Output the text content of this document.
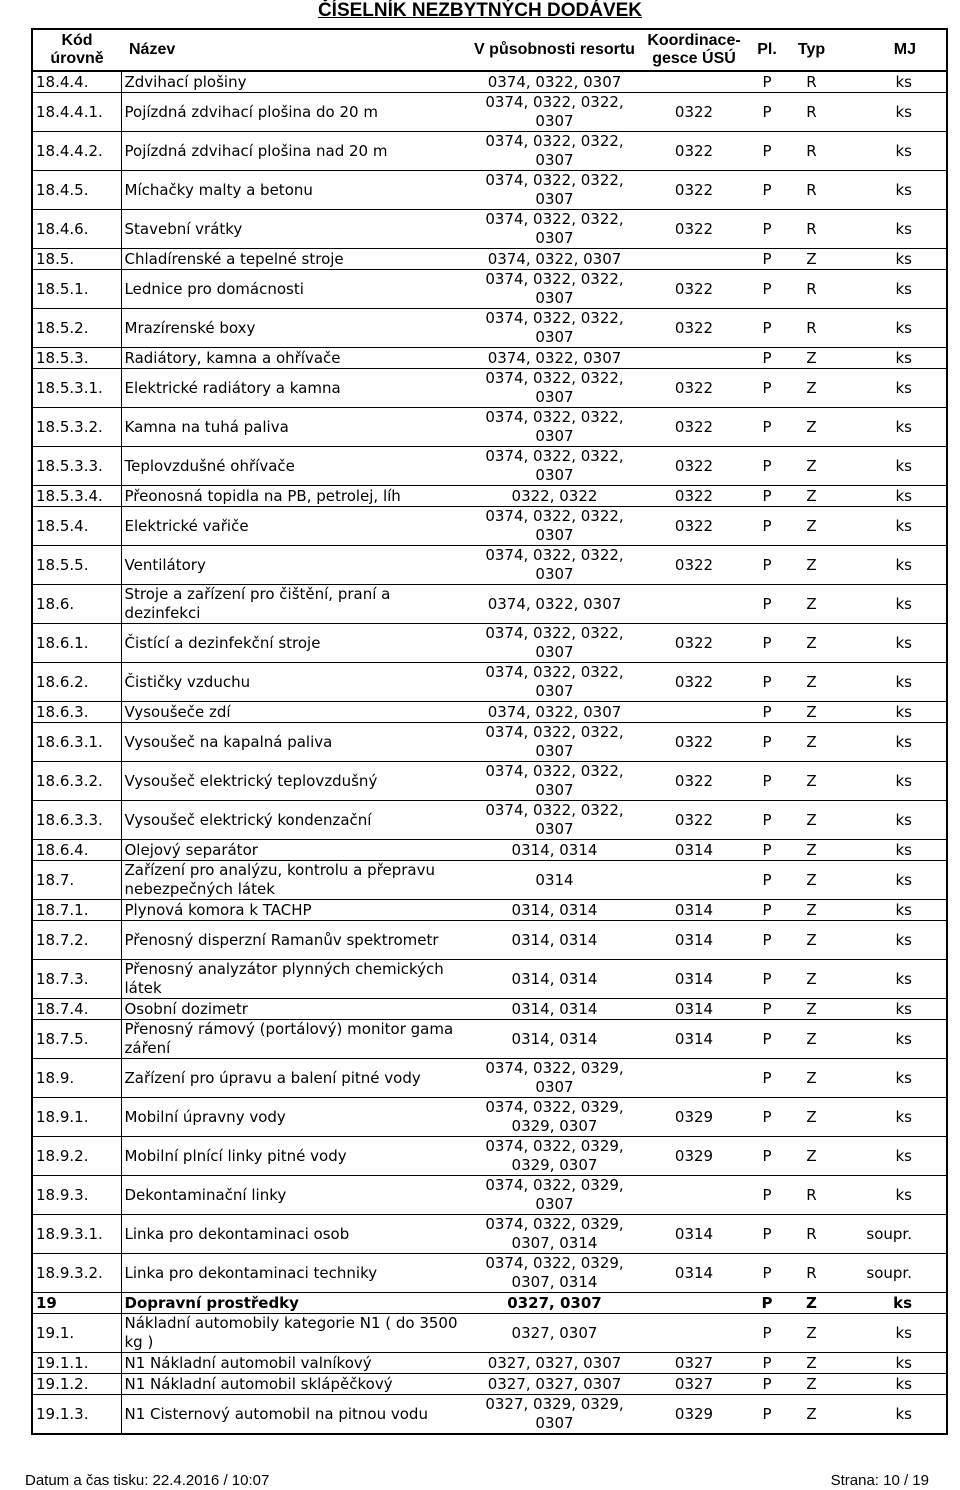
ČÍSELNÍK NEZBYTNÝCH DODÁVEK
Kód úrovně	Název	V působnosti resortu	Koordinace-gesce ÚSÚ	Pl.	Typ	MJ
18.4.4.	Zdvihací plošiny	0374, 0322, 0307		P	R	ks
18.4.4.1.	Pojízdná zdvihací plošina do 20 m	0374, 0322, 0322, 0307	0322	P	R	ks
18.4.4.2.	Pojízdná zdvihací plošina nad 20 m	0374, 0322, 0322, 0307	0322	P	R	ks
18.4.5.	Míchačky malty a betonu	0374, 0322, 0322, 0307	0322	P	R	ks
18.4.6.	Stavební vrátky	0374, 0322, 0322, 0307	0322	P	R	ks
18.5.	Chladírenské a tepelné stroje	0374, 0322, 0307		P	Z	ks
18.5.1.	Lednice pro domácnosti	0374, 0322, 0322, 0307	0322	P	R	ks
18.5.2.	Mrazírenské boxy	0374, 0322, 0322, 0307	0322	P	R	ks
18.5.3.	Radiátory, kamna a ohřívače	0374, 0322, 0307		P	Z	ks
18.5.3.1.	Elektrické radiátory a kamna	0374, 0322, 0322, 0307	0322	P	Z	ks
18.5.3.2.	Kamna na tuhá paliva	0374, 0322, 0322, 0307	0322	P	Z	ks
18.5.3.3.	Teplovzdušné ohřívače	0374, 0322, 0322, 0307	0322	P	Z	ks
18.5.3.4.	Přeonosná topidla na PB, petrolej, líh	0322, 0322	0322	P	Z	ks
18.5.4.	Elektrické vařiče	0374, 0322, 0322, 0307	0322	P	Z	ks
18.5.5.	Ventilátory	0374, 0322, 0322, 0307	0322	P	Z	ks
18.6.	Stroje a zařízení pro čištění, praní a dezinfekci	0374, 0322, 0307		P	Z	ks
18.6.1.	Čistící a dezinfekční stroje	0374, 0322, 0322, 0307	0322	P	Z	ks
18.6.2.	Čističky vzduchu	0374, 0322, 0322, 0307	0322	P	Z	ks
18.6.3.	Vysoušeče zdí	0374, 0322, 0307		P	Z	ks
18.6.3.1.	Vysoušeč na kapalná paliva	0374, 0322, 0322, 0307	0322	P	Z	ks
18.6.3.2.	Vysoušeč elektrický teplovzdušný	0374, 0322, 0322, 0307	0322	P	Z	ks
18.6.3.3.	Vysoušeč elektrický kondenzační	0374, 0322, 0322, 0307	0322	P	Z	ks
18.6.4.	Olejový separátor	0314, 0314	0314	P	Z	ks
18.7.	Zařízení pro analýzu, kontrolu a přepravu nebezpečných látek	0314		P	Z	ks
18.7.1.	Plynová komora k TACHP	0314, 0314	0314	P	Z	ks
18.7.2.	Přenosný disperzní Ramanův spektrometr	0314, 0314	0314	P	Z	ks
18.7.3.	Přenosný analyzátor plynných chemických látek	0314, 0314	0314	P	Z	ks
18.7.4.	Osobní dozimetr	0314, 0314	0314	P	Z	ks
18.7.5.	Přenosný rámový (portálový) monitor gama záření	0314, 0314	0314	P	Z	ks
18.9.	Zařízení pro úpravu a balení pitné vody	0374, 0322, 0329, 0307		P	Z	ks
18.9.1.	Mobilní úpravny vody	0374, 0322, 0329, 0329, 0307	0329	P	Z	ks
18.9.2.	Mobilní plnící linky pitné vody	0374, 0322, 0329, 0329, 0307	0329	P	Z	ks
18.9.3.	Dekontaminační linky	0374, 0322, 0329, 0307		P	R	ks
18.9.3.1.	Linka pro dekontaminaci osob	0374, 0322, 0329, 0307, 0314	0314	P	R	soupr.
18.9.3.2.	Linka pro dekontaminaci techniky	0374, 0322, 0329, 0307, 0314	0314	P	R	soupr.
19	Dopravní prostředky	0327, 0307		P	Z	ks
19.1.	Nákladní automobily kategorie N1 ( do 3500 kg )	0327, 0307		P	Z	ks
19.1.1.	N1 Nákladní automobil valníkový	0327, 0327, 0307	0327	P	Z	ks
19.1.2.	N1 Nákladní automobil sklápěčkový	0327, 0327, 0307	0327	P	Z	ks
19.1.3.	N1 Cisternový automobil na pitnou vodu	0327, 0329, 0329, 0307	0329	P	Z	ks
Datum a čas tisku: 22.4.2016 / 10:07	Strana: 10 / 19
